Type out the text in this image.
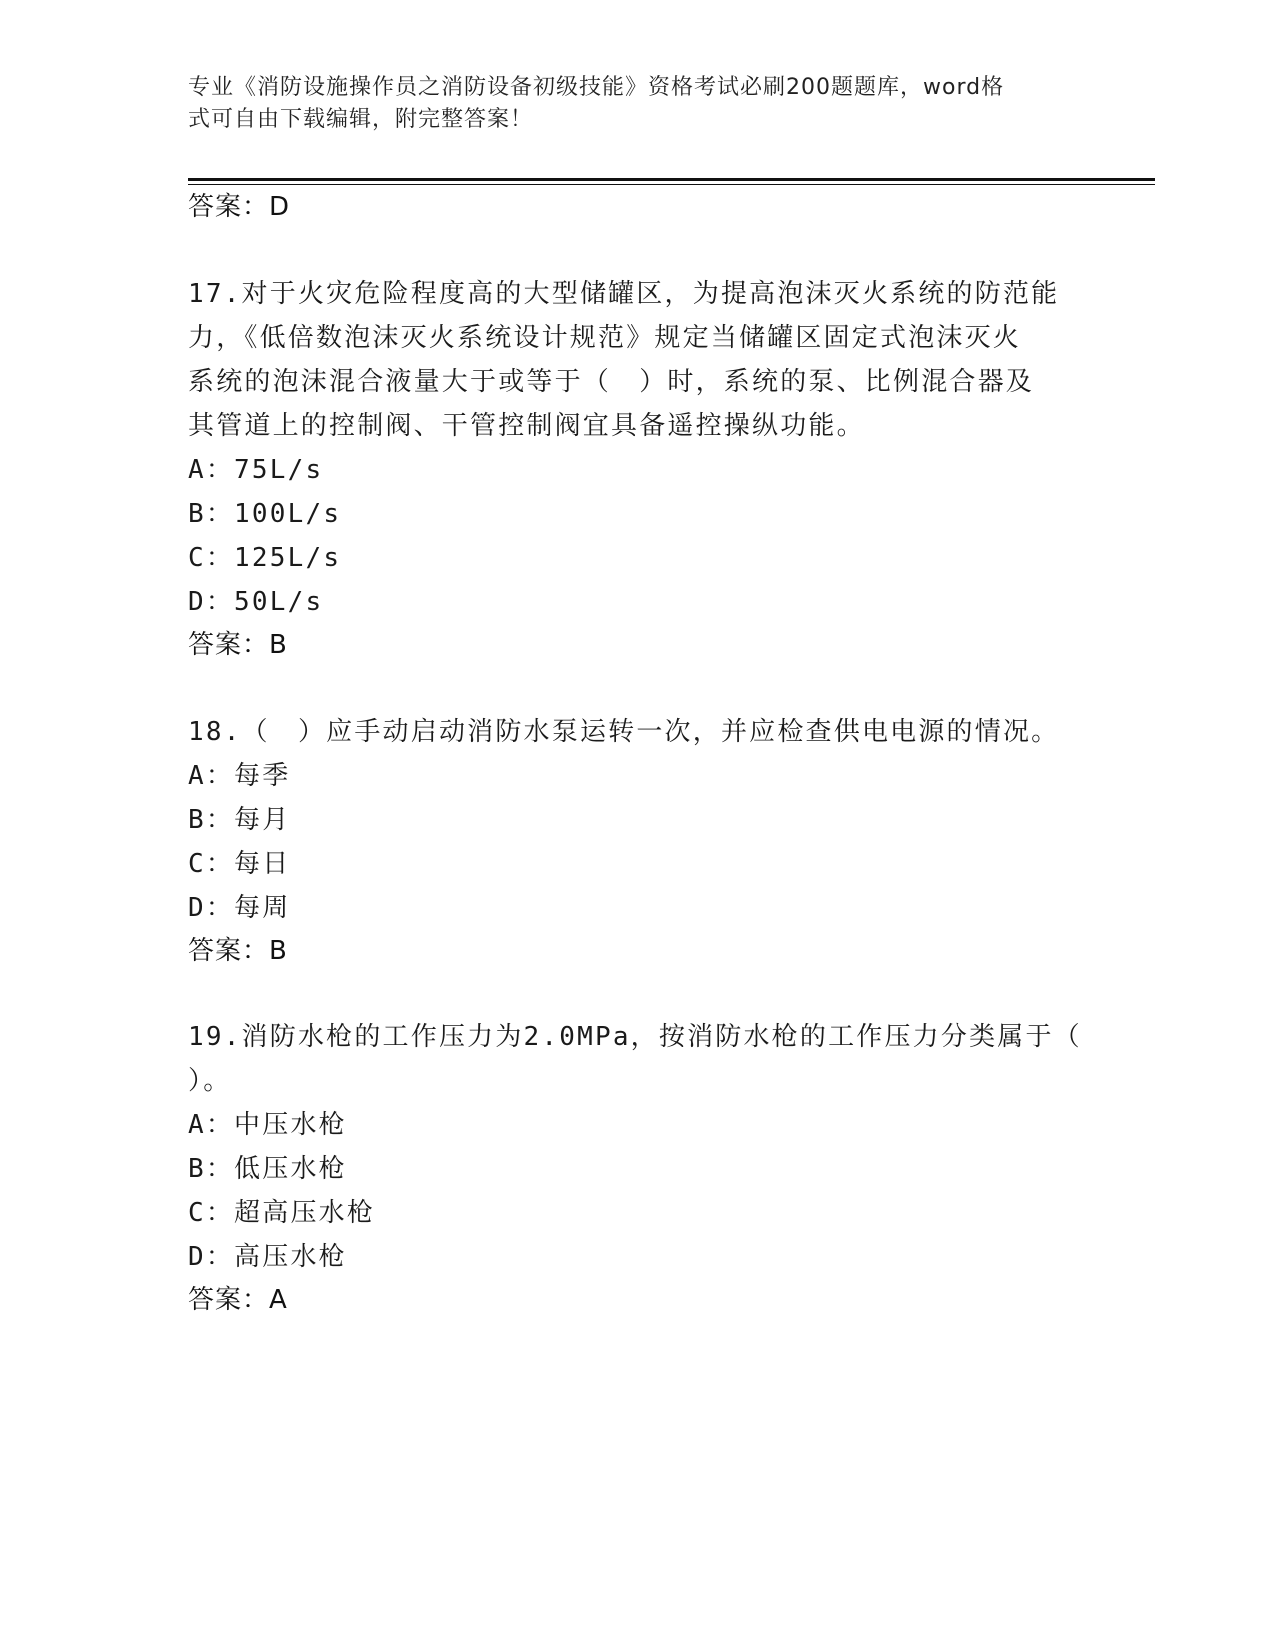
专业《消防设施操作员之消防设备初级技能》资格考试必刷200题题库，word格
式可自由下载编辑，附完整答案！
答案：D
17.对于火灾危险程度高的大型储罐区，为提高泡沫灭火系统的防范能
力，《低倍数泡沫灭火系统设计规范》规定当储罐区固定式泡沫灭火
系统的泡沫混合液量大于或等于（　）时，系统的泵、比例混合器及
其管道上的控制阀、干管控制阀宜具备遥控操纵功能。
A：75L/s
B：100L/s
C：125L/s
D：50L/s
答案：B
18.（　）应手动启动消防水泵运转一次，并应检查供电电源的情况。
A：每季
B：每月
C：每日
D：每周
答案：B
19.消防水枪的工作压力为2.0MPa，按消防水枪的工作压力分类属于（
）。
A：中压水枪
B：低压水枪
C：超高压水枪
D：高压水枪
答案：A
